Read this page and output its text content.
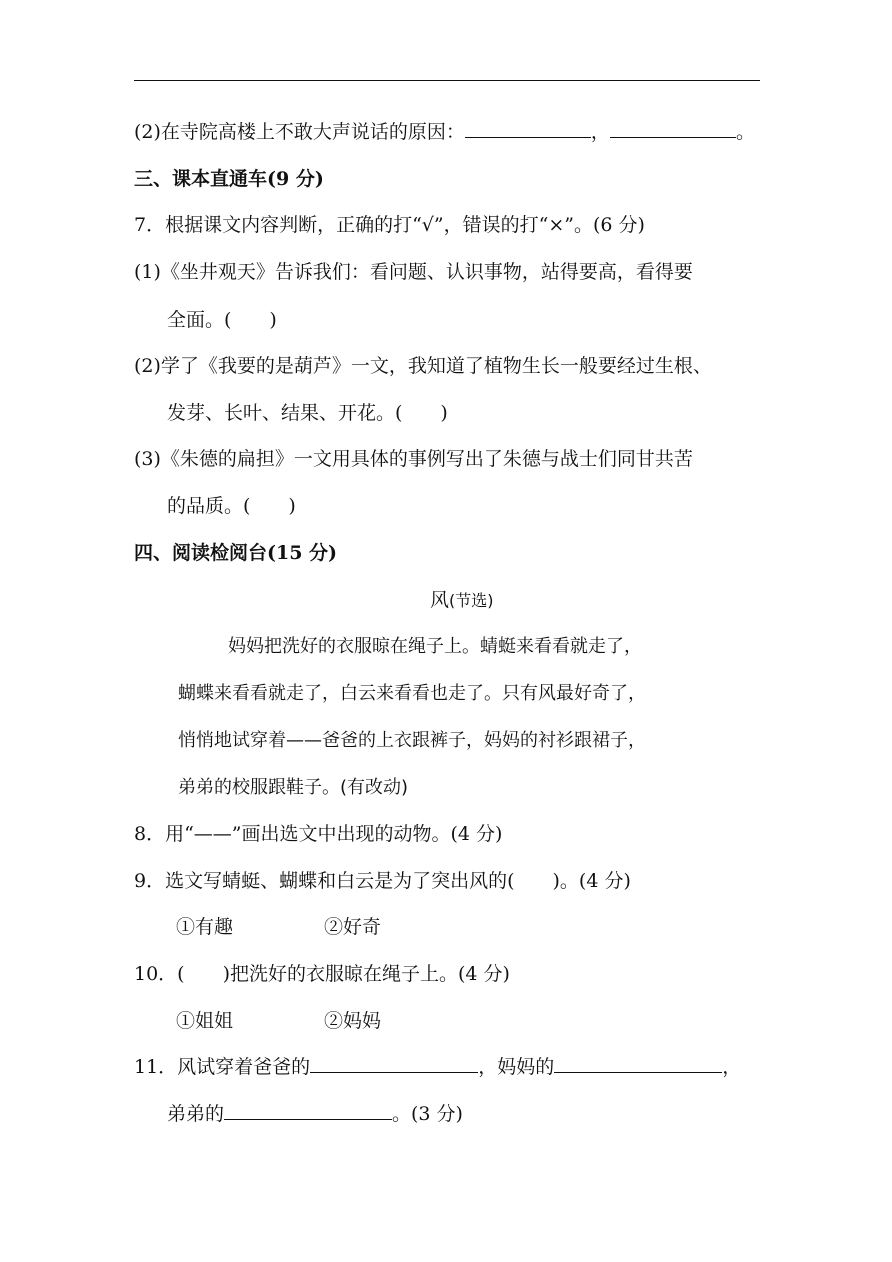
(2)在寺院高楼上不敢大声说话的原因：	，	。
三、课本直通车(9 分)
7．根据课文内容判断，正确的打“√”，错误的打“×”。(6 分)
(1)《坐井观天》告诉我们：看问题、认识事物，站得要高，看得要
全面。(　　)
(2)学了《我要的是葫芦》一文，我知道了植物生长一般要经过生根、
发芽、长叶、结果、开花。(　　)
(3)《朱德的扁担》一文用具体的事例写出了朱德与战士们同甘共苦
的品质。(　　)
四、阅读检阅台(15 分)
风(节选)
妈妈把洗好的衣服晾在绳子上。蜻蜓来看看就走了，
蝴蝶来看看就走了，白云来看看也走了。只有风最好奇了，
悄悄地试穿着——爸爸的上衣跟裤子，妈妈的衬衫跟裙子，
弟弟的校服跟鞋子。(有改动)
8．用“——”画出选文中出现的动物。(4 分)
9．选文写蜻蜓、蝴蝶和白云是为了突出风的(　　)。(4 分)
①有趣	②好奇
10．(　　)把洗好的衣服晾在绳子上。(4 分)
①姐姐	②妈妈
11．风试穿着爸爸的	，妈妈的	，
弟弟的	。(3 分)
